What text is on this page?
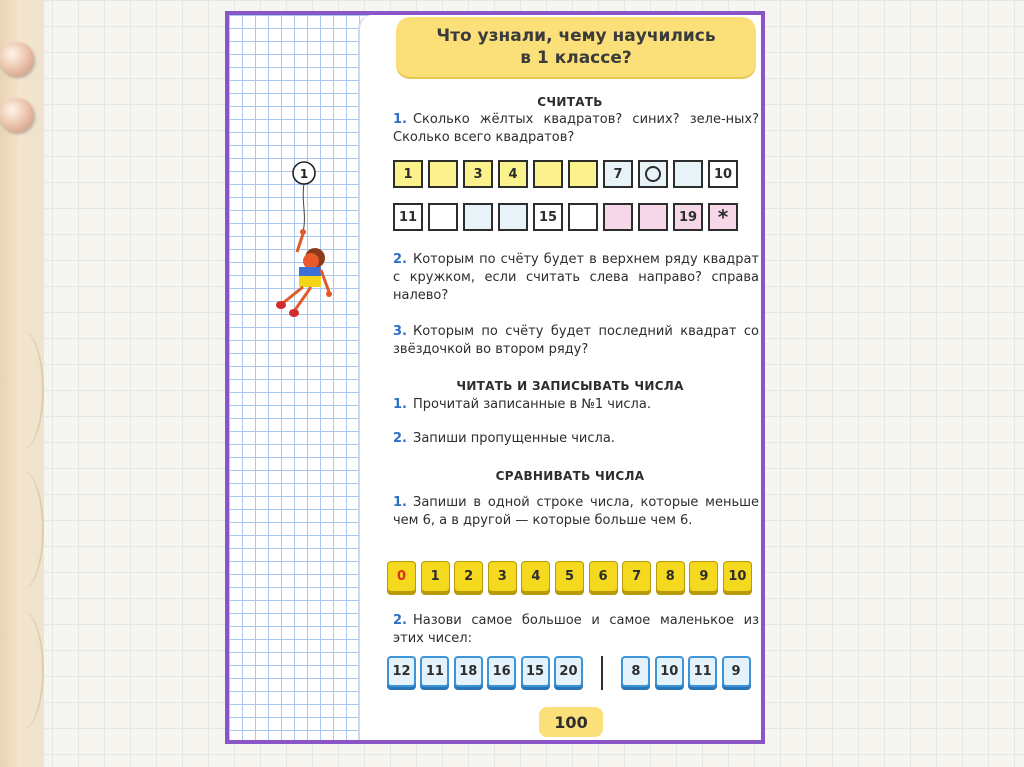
1
Что узнали, чему научились
в 1 классе?
СЧИТАТЬ
1. Сколько жёлтых квадратов? синих? зеле-ных? Сколько всего квадратов?
1	3 4	7	10
11	15	19 *
2. Которым по счёту будет в верхнем ряду квадрат с кружком, если считать слева направо? справа налево?
3. Которым по счёту будет последний квадрат со звёздочкой во втором ряду?
ЧИТАТЬ И ЗАПИСЫВАТЬ ЧИСЛА
1. Прочитай записанные в №1 числа.
2. Запиши пропущенные числа.
СРАВНИВАТЬ ЧИСЛА
1. Запиши в одной строке числа, которые меньше чем 6, а в другой — которые больше чем 6.
0	1	2	3	4	5	6	7	8	9	10
2. Назови самое большое и самое маленькое из этих чисел:
12	11	18	16	15	20	8	10	11	9
100
